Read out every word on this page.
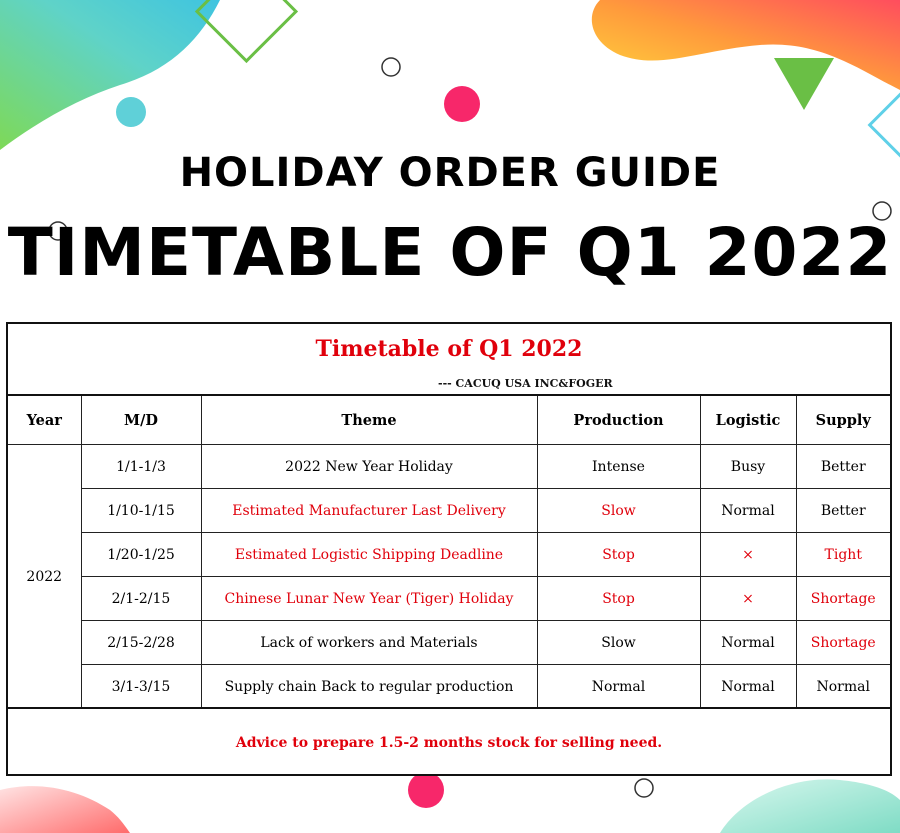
HOLIDAY ORDER GUIDE
TIMETABLE OF Q1 2022
Timetable of Q1 2022
--- CACUQ USA INC&FOGER
Year	M/D	Theme	Production	Logistic	Supply
2022	1/1-1/3	2022 New Year Holiday	Intense	Busy	Better
	1/10-1/15	Estimated Manufacturer Last Delivery	Slow	Normal	Better
	1/20-1/25	Estimated Logistic Shipping Deadline	Stop	×	Tight
	2/1-2/15	Chinese Lunar New Year (Tiger) Holiday	Stop	×	Shortage
	2/15-2/28	Lack of workers and Materials	Slow	Normal	Shortage
	3/1-3/15	Supply chain Back to regular production	Normal	Normal	Normal
Advice to prepare 1.5-2 months stock for selling need.
